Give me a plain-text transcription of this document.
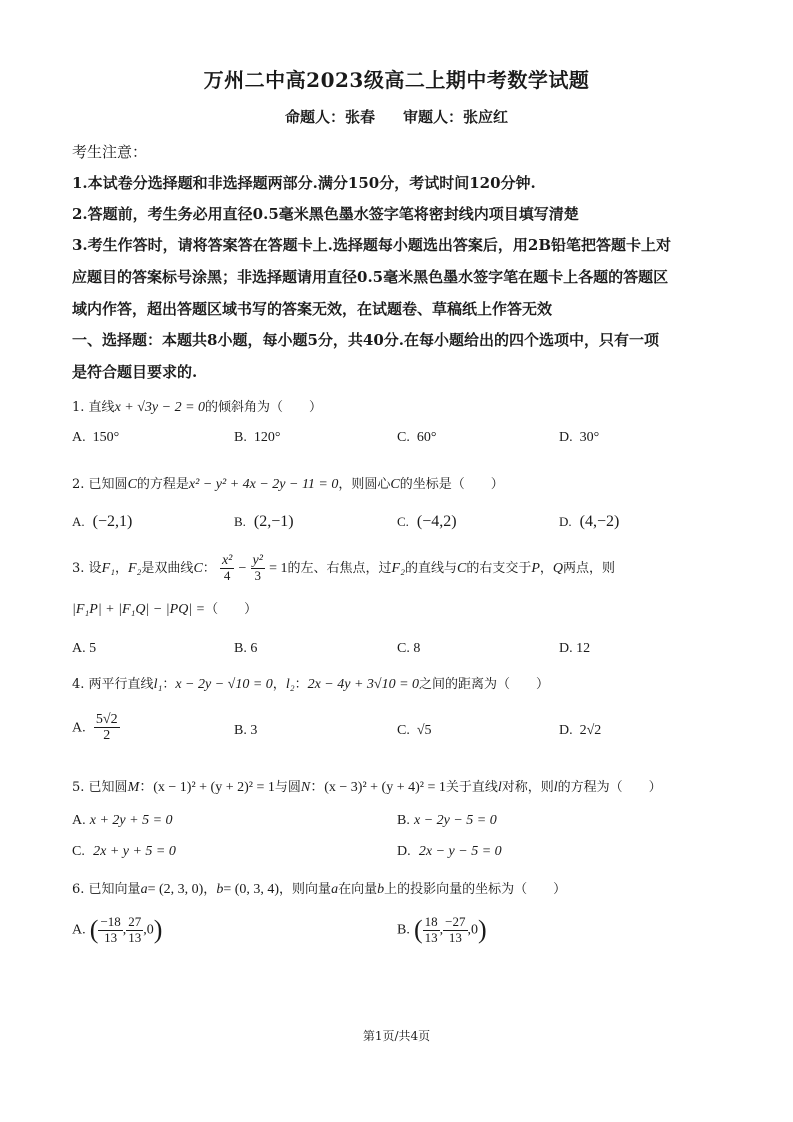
万州二中高2023级高二上期中考数学试题
命题人：张春 审题人：张应红
考生注意：
1.本试卷分选择题和非选择题两部分.满分150分，考试时间120分钟.
2.答题前，考生务必用直径0.5毫米黑色墨水签字笔将密封线内项目填写清楚
3.考生作答时，请将答案答在答题卡上.选择题每小题选出答案后，用2B铅笔把答题卡上对
应题目的答案标号涂黑；非选择题请用直径0.5毫米黑色墨水签字笔在题卡上各题的答题区
域内作答，超出答题区域书写的答案无效，在试题卷、草稿纸上作答无效
一、选择题：本题共8小题，每小题5分，共40分.在每小题给出的四个选项中，只有一项
是符合题目要求的.
1. 直线x + √3y − 2 = 0的倾斜角为（　　）
A. 150°	B. 120°	C. 60°	D. 30°
2. 已知圆C的方程是x² − y² + 4x − 2y − 11 = 0，则圆心C的坐标是（　　）
A. (−2,1)	B. (2,−1)	C. (−4,2)	D. (4,−2)
3. 设F₁，F₂是双曲线C： $\frac{\text{x²}}{4} - \frac{\text{y²}}{3} = 1$的左、右焦点，过F₂的直线与C的右支交于P，Q两点，则
|F₁P| + |F₁Q| − |PQ| =（　　）
A. 5	B. 6	C. 8	D. 12
4. 两平行直线l₁：x − 2y − √10 = 0，l₂：2x − 4y + 3√10 = 0之间的距离为（　　）
A. $\frac{5√2}{2}$	B. 3	C. √5	D. 2√2
5. 已知圆M：(x − 1)² + (y + 2)² = 1与圆N：(x − 3)² + (y + 4)² = 1关于直线l对称，则l的方程为（　　）
A. x + 2y + 5 = 0	B. x − 2y − 5 = 0
C. 2x + y + 5 = 0	D. 2x − y − 5 = 0
6. 已知向量a= (2, 3, 0)，b= (0, 3, 4)，则向量a在向量b上的投影向量的坐标为（　　）
A. ( $\frac{-18}{13}$ , $\frac{27}{13} ,0$)	B. ( $\frac{18}{13}$ , $\frac{-27}{13} ,0$)
第1页/共4页
